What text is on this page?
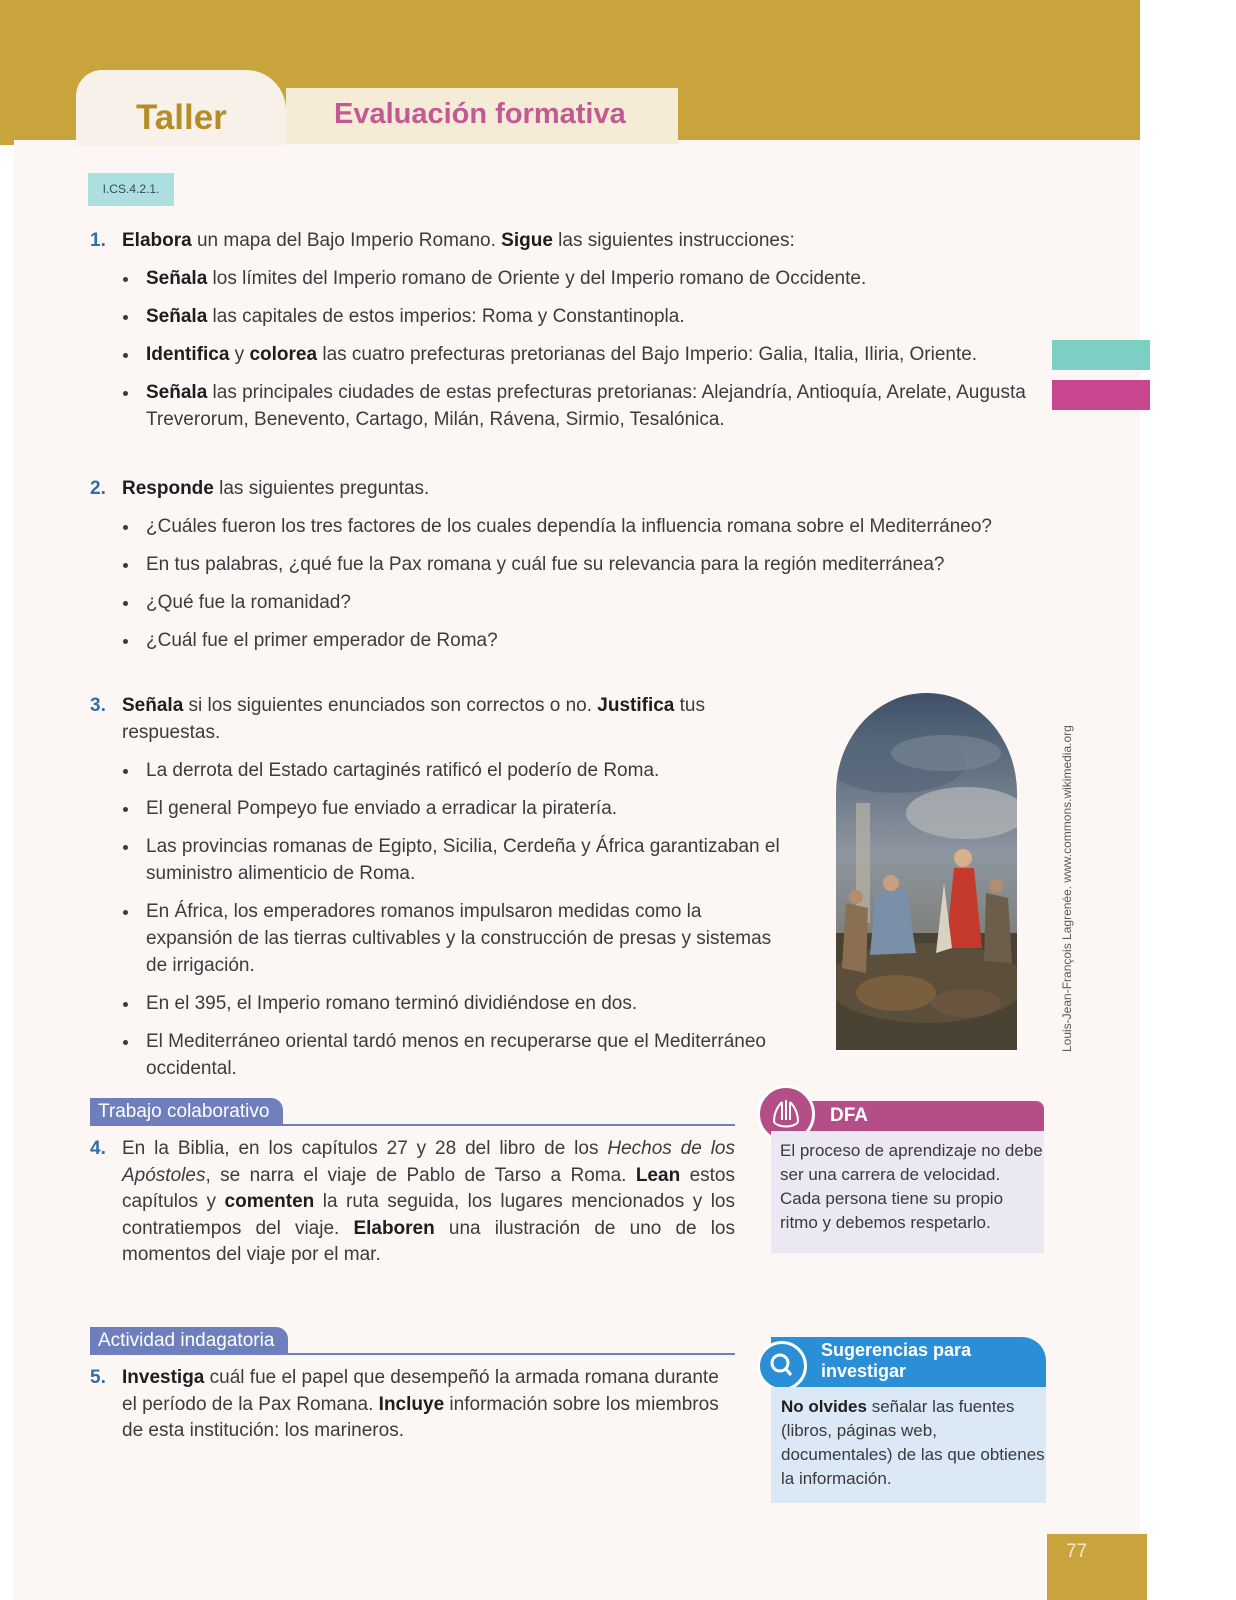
Taller	Evaluación formativa
I.CS.4.2.1.
1. Elabora un mapa del Bajo Imperio Romano. Sigue las siguientes instrucciones:
Señala los límites del Imperio romano de Oriente y del Imperio romano de Occidente.
Señala las capitales de estos imperios: Roma y Constantinopla.
Identifica y colorea las cuatro prefecturas pretorianas del Bajo Imperio: Galia, Italia, Iliria, Oriente.
Señala las principales ciudades de estas prefecturas pretorianas: Alejandría, Antioquía, Arelate, Augusta Treverorum, Benevento, Cartago, Milán, Rávena, Sirmio, Tesalónica.
2. Responde las siguientes preguntas.
¿Cuáles fueron los tres factores de los cuales dependía la influencia romana sobre el Mediterráneo?
En tus palabras, ¿qué fue la Pax romana y cuál fue su relevancia para la región mediterránea?
¿Qué fue la romanidad?
¿Cuál fue el primer emperador de Roma?
3. Señala si los siguientes enunciados son correctos o no. Justifica tus respuestas.
La derrota del Estado cartaginés ratificó el poderío de Roma.
El general Pompeyo fue enviado a erradicar la piratería.
Las provincias romanas de Egipto, Sicilia, Cerdeña y África garantizaban el suministro alimenticio de Roma.
En África, los emperadores romanos impulsaron medidas como la expansión de las tierras cultivables y la construcción de presas y sistemas de irrigación.
En el 395, el Imperio romano terminó dividiéndose en dos.
El Mediterráneo oriental tardó menos en recuperarse que el Mediterráneo occidental.
Louis-Jean-François Lagrenée. www.commons.wikimedia.org
Trabajo colaborativo
4. En la Biblia, en los capítulos 27 y 28 del libro de los Hechos de los Apóstoles, se narra el viaje de Pablo de Tarso a Roma. Lean estos capítulos y comenten la ruta seguida, los lugares mencionados y los contratiempos del viaje. Elaboren una ilustración de uno de los momentos del viaje por el mar.
DFA
El proceso de aprendizaje no debe ser una carrera de velocidad. Cada persona tiene su propio ritmo y debemos respetarlo.
Actividad indagatoria
5. Investiga cuál fue el papel que desempeñó la armada romana durante el período de la Pax Romana. Incluye información sobre los miembros de esta institución: los marineros.
Sugerencias para investigar
No olvides señalar las fuentes (libros, páginas web, documentales) de las que obtienes la información.
77
